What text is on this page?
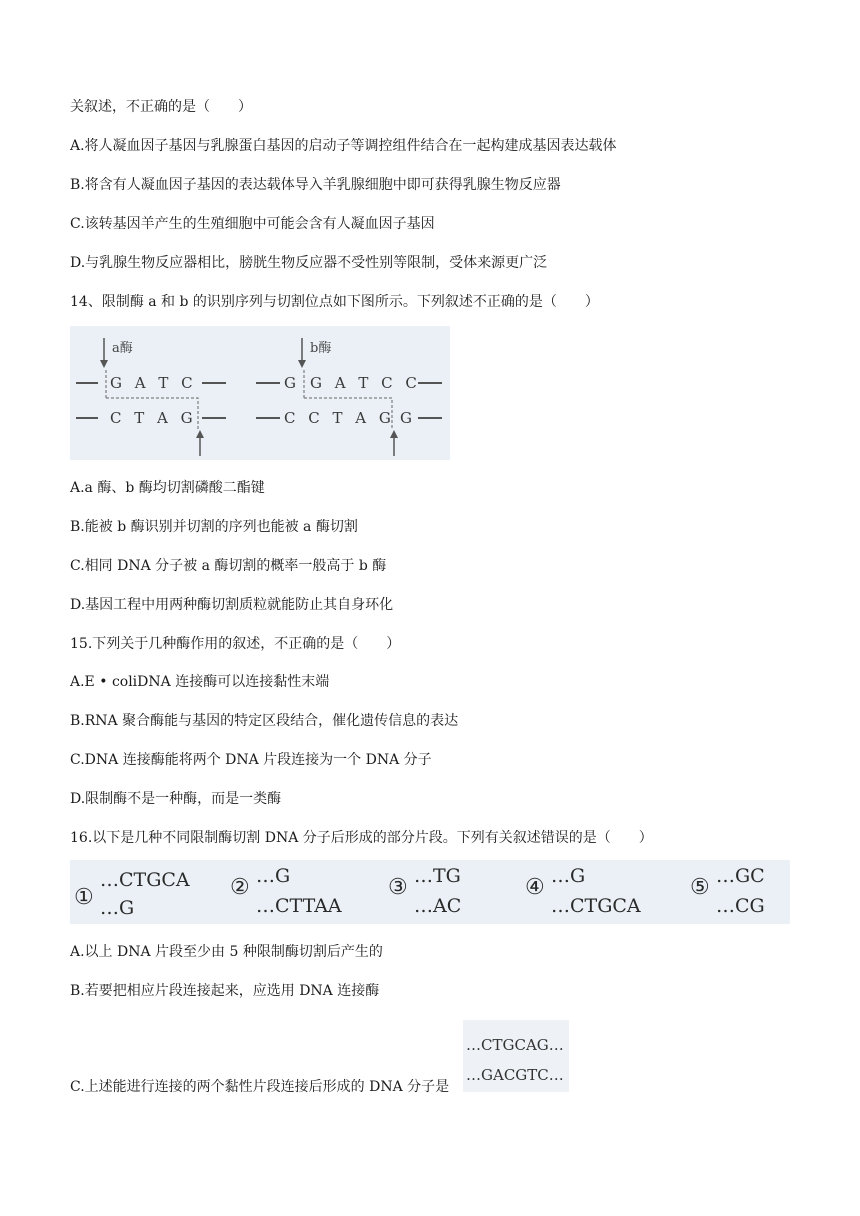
关叙述，不正确的是（　　）
A.将人凝血因子基因与乳腺蛋白基因的启动子等调控组件结合在一起构建成基因表达载体
B.将含有人凝血因子基因的表达载体导入羊乳腺细胞中即可获得乳腺生物反应器
C.该转基因羊产生的生殖细胞中可能会含有人凝血因子基因
D.与乳腺生物反应器相比，膀胱生物反应器不受性别等限制，受体来源更广泛
14、限制酶 a 和 b 的识别序列与切割位点如下图所示。下列叙述不正确的是（　　）
a酶
G A T C
C T A G
b酶
G G A T C C
C C T A G G
A.a 酶、b 酶均切割磷酸二酯键
B.能被 b 酶识别并切割的序列也能被 a 酶切割
C.相同 DNA 分子被 a 酶切割的概率一般高于 b 酶
D.基因工程中用两种酶切割质粒就能防止其自身环化
15.下列关于几种酶作用的叙述，不正确的是（　　）
A.E • coliDNA 连接酶可以连接黏性末端
B.RNA 聚合酶能与基因的特定区段结合，催化遗传信息的表达
C.DNA 连接酶能将两个 DNA 片段连接为一个 DNA 分子
D.限制酶不是一种酶，而是一类酶
16.以下是几种不同限制酶切割 DNA 分子后形成的部分片段。下列有关叙述错误的是（　　）
①
…CTGCA
…G
② …G
…CTTAA
③ …TG
…AC
④ …G
…CTGCA
⑤ …GC
…CG
A.以上 DNA 片段至少由 5 种限制酶切割后产生的
B.若要把相应片段连接起来，应选用 DNA 连接酶
…CTGCAG…
…GACGTC…
C.上述能进行连接的两个黏性片段连接后形成的 DNA 分子是
